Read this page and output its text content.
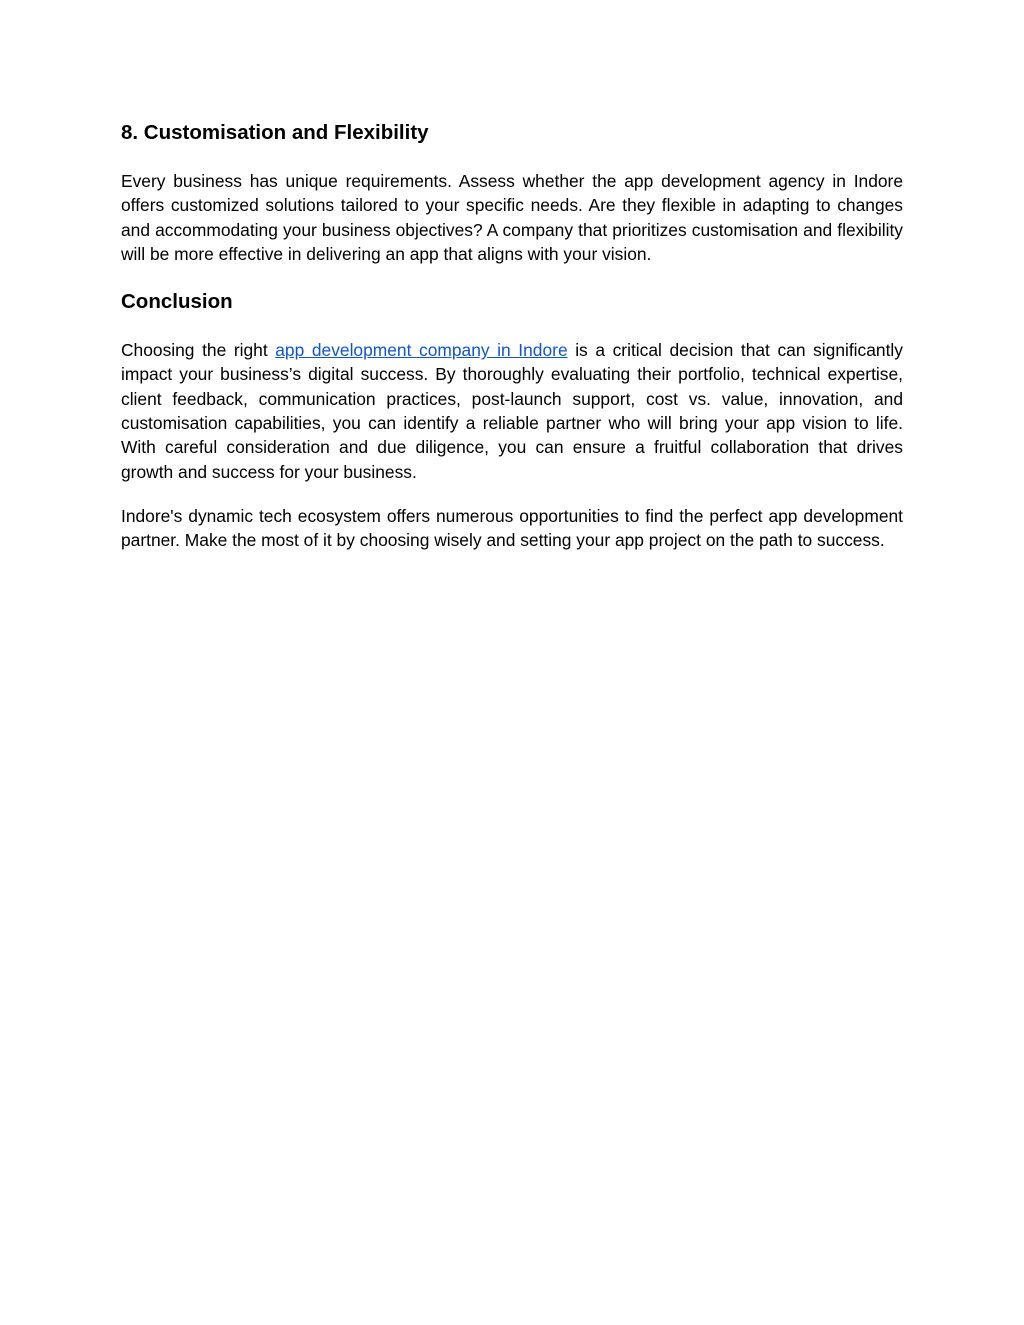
8. Customisation and Flexibility

Every business has unique requirements. Assess whether the app development agency in Indore offers customized solutions tailored to your specific needs. Are they flexible in adapting to changes and accommodating your business objectives? A company that prioritizes customisation and flexibility will be more effective in delivering an app that aligns with your vision.

Conclusion

Choosing the right app development company in Indore is a critical decision that can significantly impact your business’s digital success. By thoroughly evaluating their portfolio, technical expertise, client feedback, communication practices, post-launch support, cost vs. value, innovation, and customisation capabilities, you can identify a reliable partner who will bring your app vision to life. With careful consideration and due diligence, you can ensure a fruitful collaboration that drives growth and success for your business.

Indore's dynamic tech ecosystem offers numerous opportunities to find the perfect app development partner. Make the most of it by choosing wisely and setting your app project on the path to success.
